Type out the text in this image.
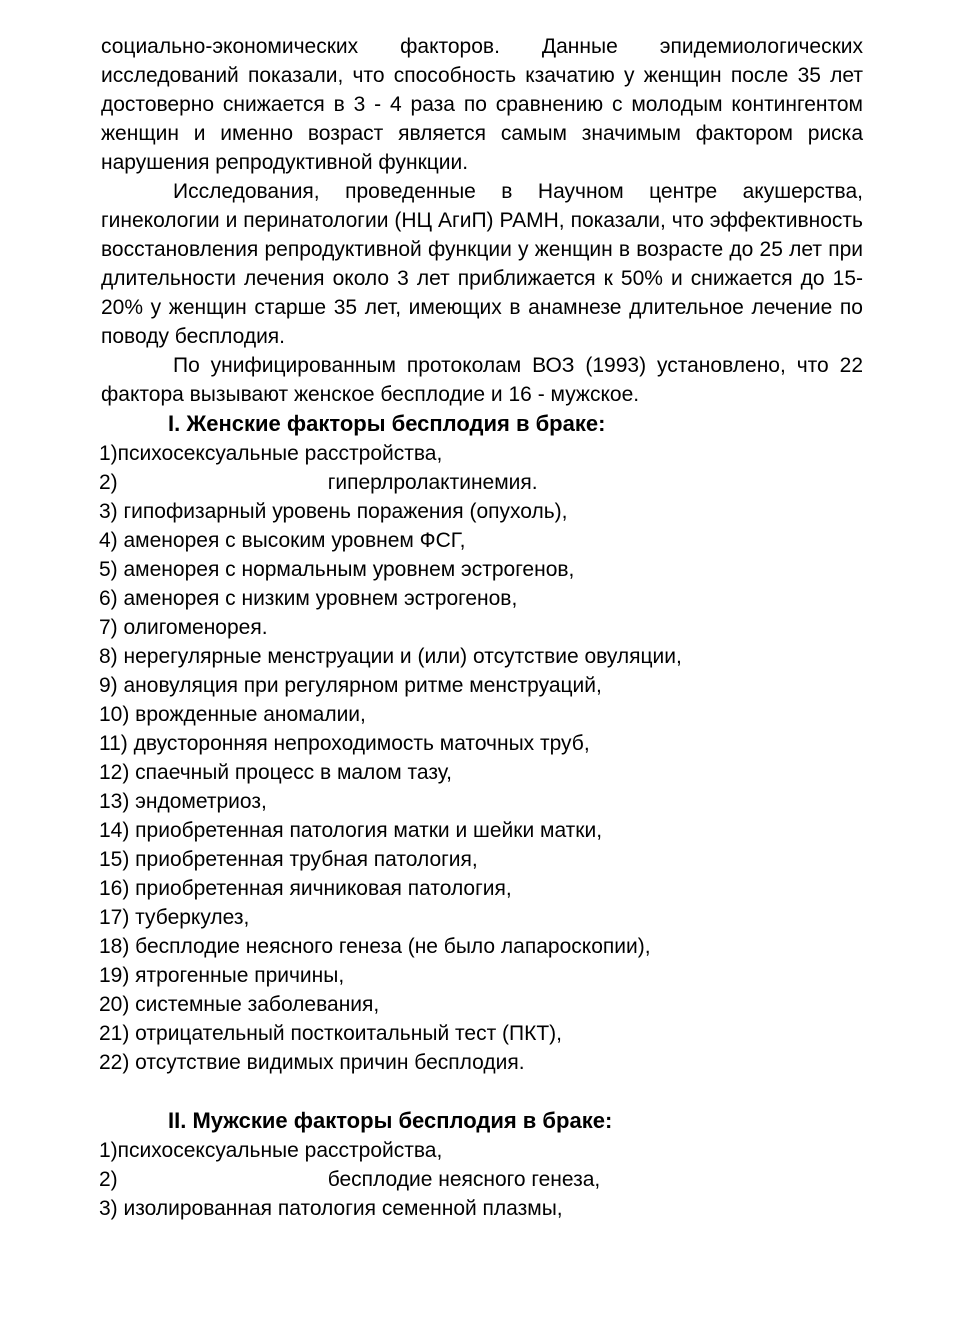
социально-экономических факторов. Данные эпидемиологических исследований показали, что способность кзачатию у женщин после 35 лет достоверно снижается в 3 - 4 раза по сравнению с молодым контингентом женщин и именно возраст является самым значимым фактором риска нарушения репродуктивной функции.

Исследования, проведенные в Научном центре акушерства, гинекологии и перинатологии (НЦ АгиП) РАМН, показали, что эффективность восстановления репродуктивной функции у женщин в возрасте до 25 лет при длительности лечения около 3 лет приближается к 50% и снижается до 15-20% у женщин старше 35 лет, имеющих в анамнезе длительное лечение по поводу бесплодия.

По унифицированным протоколам ВОЗ (1993) установлено, что 22 фактора вызывают женское бесплодие и 16 - мужское.

I. Женские факторы бесплодия в браке:

1)психосексуальные расстройства,
2)	гиперлролактинемия.
3) гипофизарный уровень поражения (опухоль),
4) аменорея с высоким уровнем ФСГ,
5) аменорея с нормальным уровнем эстрогенов,
6) аменорея с низким уровнем эстрогенов,
7) олигоменорея.
8) нерегулярные менструации и (или) отсутствие овуляции,
9) ановуляция при регулярном ритме менструаций,
10) врожденные аномалии,
11) двусторонняя непроходимость маточных труб,
12) спаечный процесс в малом тазу,
13) эндометриоз,
14) приобретенная патология матки и шейки матки,
15) приобретенная трубная патология,
16) приобретенная яичниковая патология,
17) туберкулез,
18) бесплодие неясного генеза (не было лапароскопии),
19) ятрогенные причины,
20) системные заболевания,
21) отрицательный посткоитальный тест (ПКТ),
22) отсутствие видимых причин бесплодия.

II. Мужские факторы бесплодия в браке:

1)психосексуальные расстройства,
2)	бесплодие неясного генеза,
3) изолированная патология семенной плазмы,
